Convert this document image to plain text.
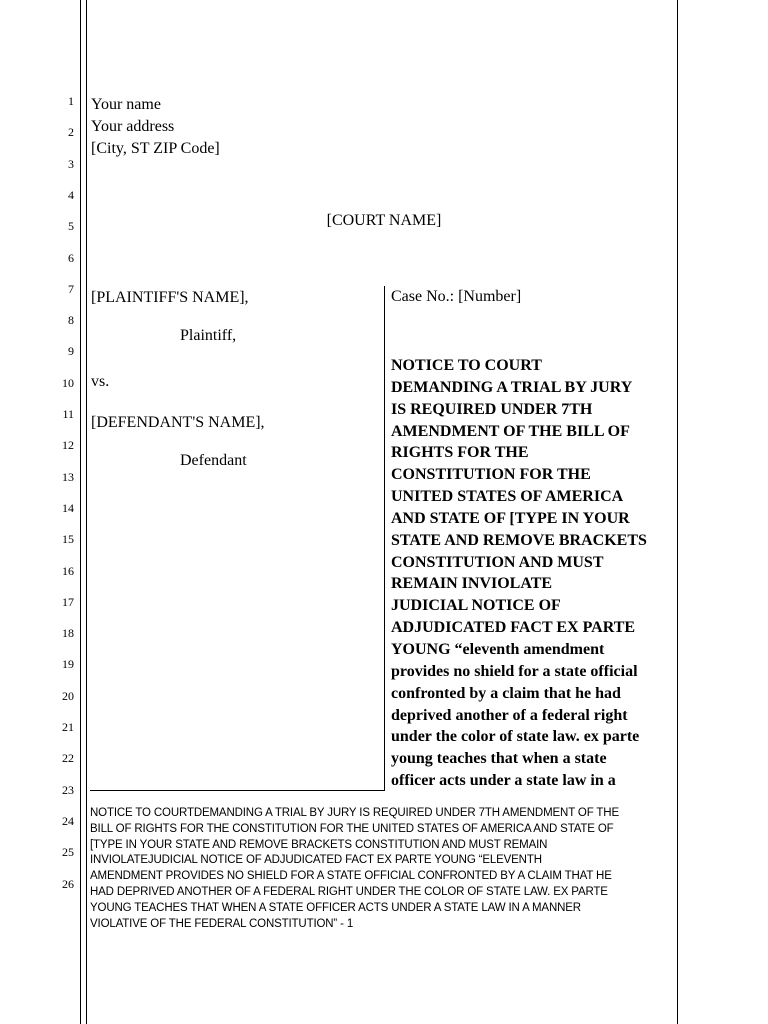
1
2
3
4
5
6
7
8
9
10
11
12
13
14
15
16
17
18
19
20
21
22
23
24
25
26
Your name
Your address
[City, ST ZIP Code]
[COURT NAME]
[PLAINTIFF'S NAME],
Plaintiff,
vs.
[DEFENDANT'S NAME],
Defendant
Case No.: [Number]
NOTICE TO COURT
DEMANDING A TRIAL BY JURY
IS REQUIRED UNDER 7TH
AMENDMENT OF THE BILL OF
RIGHTS FOR THE
CONSTITUTION FOR THE
UNITED STATES OF AMERICA
AND STATE OF [TYPE IN YOUR
STATE AND REMOVE BRACKETS
CONSTITUTION AND MUST
REMAIN INVIOLATE
JUDICIAL NOTICE OF
ADJUDICATED FACT EX PARTE
YOUNG “eleventh amendment
provides no shield for a state official
confronted by a claim that he had
deprived another of a federal right
under the color of state law. ex parte
young teaches that when a state
officer acts under a state law in a
NOTICE TO COURTDEMANDING A TRIAL BY JURY IS REQUIRED UNDER 7TH AMENDMENT OF THE
BILL OF RIGHTS FOR THE CONSTITUTION FOR THE UNITED STATES OF AMERICA AND STATE OF
[TYPE IN YOUR STATE AND REMOVE BRACKETS CONSTITUTION AND MUST REMAIN
INVIOLATEJUDICIAL NOTICE OF ADJUDICATED FACT EX PARTE YOUNG “ELEVENTH
AMENDMENT PROVIDES NO SHIELD FOR A STATE OFFICIAL CONFRONTED BY A CLAIM THAT HE
HAD DEPRIVED ANOTHER OF A FEDERAL RIGHT UNDER THE COLOR OF STATE LAW. EX PARTE
YOUNG TEACHES THAT WHEN A STATE OFFICER ACTS UNDER A STATE LAW IN A MANNER
VIOLATIVE OF THE FEDERAL CONSTITUTION” - 1
